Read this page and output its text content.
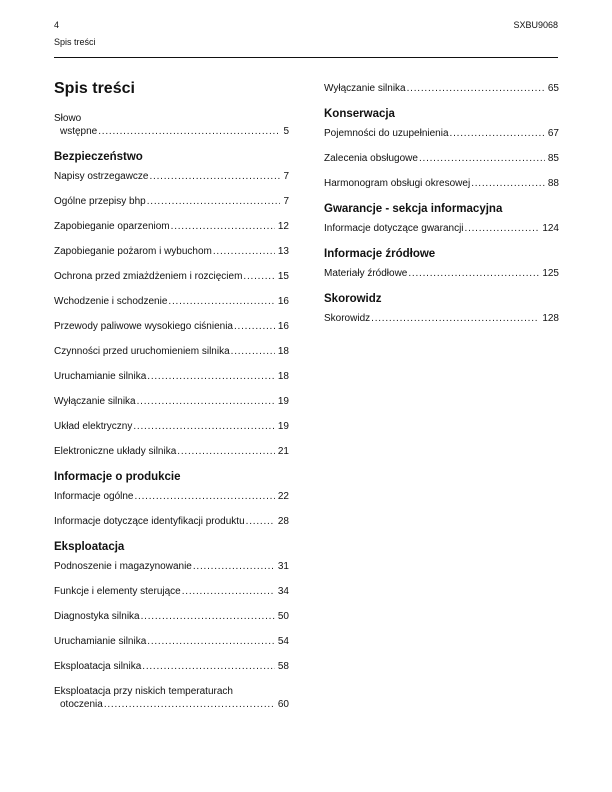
4
Spis treści
SXBU9068
Spis treści
Słowo
wstępne . . .	5
Bezpieczeństwo
Napisy ostrzegawcze . . .	7
Ogólne przepisy bhp . . .	7
Zapobieganie oparzeniom . . .	12
Zapobieganie pożarom i wybuchom . . .	13
Ochrona przed zmiażdżeniem i rozcięciem . . .	15
Wchodzenie i schodzenie . . .	16
Przewody paliwowe wysokiego ciśnienia . . .	16
Czynności przed uruchomieniem silnika . . .	18
Uruchamianie silnika . . .	18
Wyłączanie silnika . . .	19
Układ elektryczny . . .	19
Elektroniczne układy silnika . . .	21
Informacje o produkcie
Informacje ogólne . . .	22
Informacje dotyczące identyfikacji produktu . . .	28
Eksploatacja
Podnoszenie i magazynowanie . . .	31
Funkcje i elementy sterujące . . .	34
Diagnostyka silnika . . .	50
Uruchamianie silnika . . .	54
Eksploatacja silnika . . .	58
Eksploatacja przy niskich temperaturach
otoczenia . . .	60
Wyłączanie silnika . . .	65
Konserwacja
Pojemności do uzupełnienia . . .	67
Zalecenia obsługowe . . .	85
Harmonogram obsługi okresowej . . .	88
Gwarancje - sekcja informacyjna
Informacje dotyczące gwarancji . . .	124
Informacje źródłowe
Materiały źródłowe . . .	125
Skorowidz
Skorowidz . . .	128
